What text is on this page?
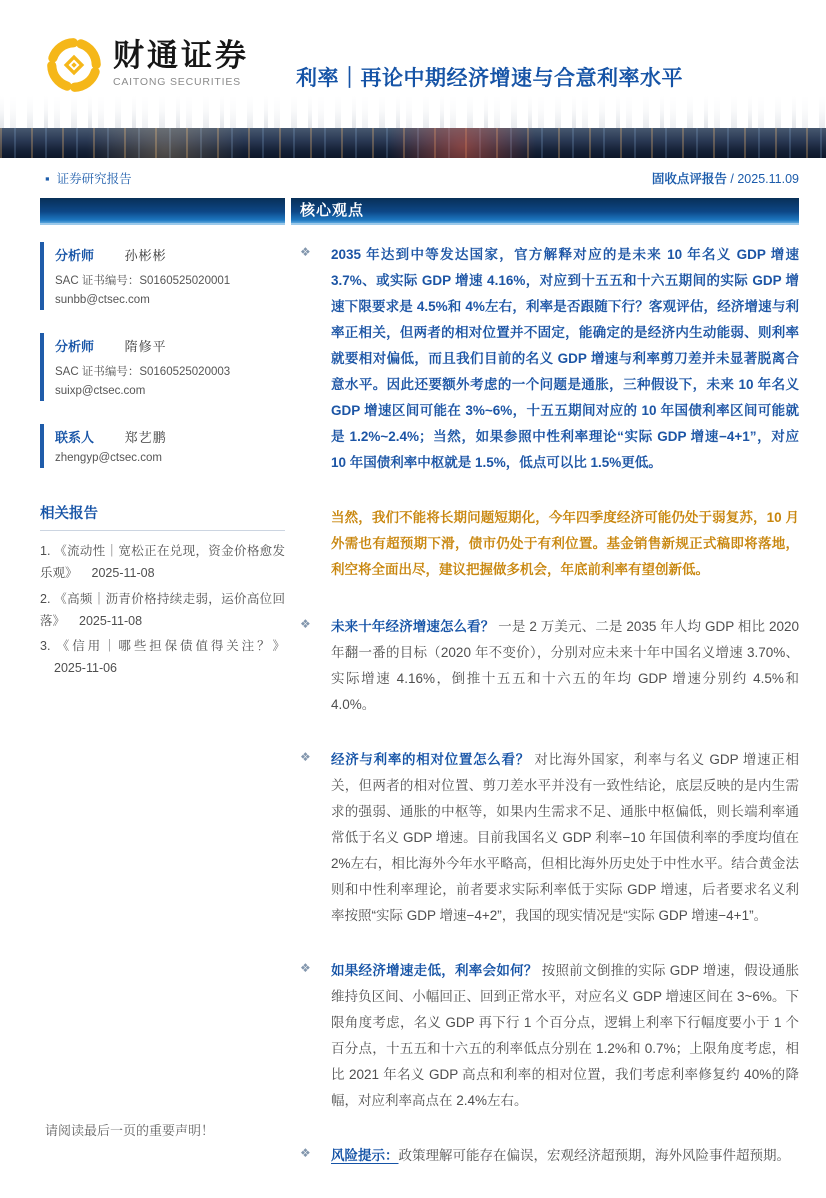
财通证券
CAITONG SECURITIES	利率｜再论中期经济增速与合意利率水平
▪ 证券研究报告	固收点评报告 / 2025.11.09
核心观点
分析师 孙彬彬
SAC 证书编号：S0160525020001
sunbb@ctsec.com
分析师 隋修平
SAC 证书编号：S0160525020003
suixp@ctsec.com
联系人 郑艺鹏
zhengyp@ctsec.com
相关报告
1. 《流动性｜宽松正在兑现，资金价格愈发乐观》 2025-11-08
2. 《高频｜沥青价格持续走弱，运价高位回落》 2025-11-08
3. 《信用｜哪些担保债值得关注？》2025-11-06
❖	2035 年达到中等发达国家，官方解释对应的是未来 10 年名义 GDP 增速 3.7%、或实际 GDP 增速 4.16%，对应到十五五和十六五期间的实际 GDP 增速下限要求是 4.5%和 4%左右，利率是否跟随下行？客观评估，经济增速与利率正相关，但两者的相对位置并不固定，能确定的是经济内生动能弱、则利率就要相对偏低，而且我们目前的名义 GDP 增速与利率剪刀差并未显著脱离合意水平。因此还要额外考虑的一个问题是通胀，三种假设下，未来 10 年名义 GDP 增速区间可能在 3%~6%，十五五期间对应的 10 年国债利率区间可能就是 1.2%~2.4%；当然，如果参照中性利率理论“实际 GDP 增速−4+1”，对应 10 年国债利率中枢就是 1.5%，低点可以比 1.5%更低。
当然，我们不能将长期问题短期化，今年四季度经济可能仍处于弱复苏，10 月外需也有超预期下滑，债市仍处于有利位置。基金销售新规正式稿即将落地，利空将全面出尽，建议把握做多机会，年底前利率有望创新低。
❖	未来十年经济增速怎么看？ 一是 2 万美元、二是 2035 年人均 GDP 相比 2020 年翻一番的目标（2020 年不变价），分别对应未来十年中国名义增速 3.70%、实际增速 4.16%，倒推十五五和十六五的年均 GDP 增速分别约 4.5%和 4.0%。
❖	经济与利率的相对位置怎么看？ 对比海外国家，利率与名义 GDP 增速正相关，但两者的相对位置、剪刀差水平并没有一致性结论，底层反映的是内生需求的强弱、通胀的中枢等，如果内生需求不足、通胀中枢偏低，则长端利率通常低于名义 GDP 增速。目前我国名义 GDP 利率−10 年国债利率的季度均值在 2%左右，相比海外今年水平略高，但相比海外历史处于中性水平。结合黄金法则和中性利率理论，前者要求实际利率低于实际 GDP 增速，后者要求名义利率按照“实际 GDP 增速−4+2”，我国的现实情况是“实际 GDP 增速−4+1”。
❖	如果经济增速走低，利率会如何？ 按照前文倒推的实际 GDP 增速，假设通胀维持负区间、小幅回正、回到正常水平，对应名义 GDP 增速区间在 3~6%。下限角度考虑，名义 GDP 再下行 1 个百分点，逻辑上利率下行幅度要小于 1 个百分点，十五五和十六五的利率低点分别在 1.2%和 0.7%；上限角度考虑，相比 2021 年名义 GDP 高点和利率的相对位置，我们考虑利率修复约 40%的降幅，对应利率高点在 2.4%左右。
❖	风险提示：政策理解可能存在偏误，宏观经济超预期，海外风险事件超预期。
请阅读最后一页的重要声明！
